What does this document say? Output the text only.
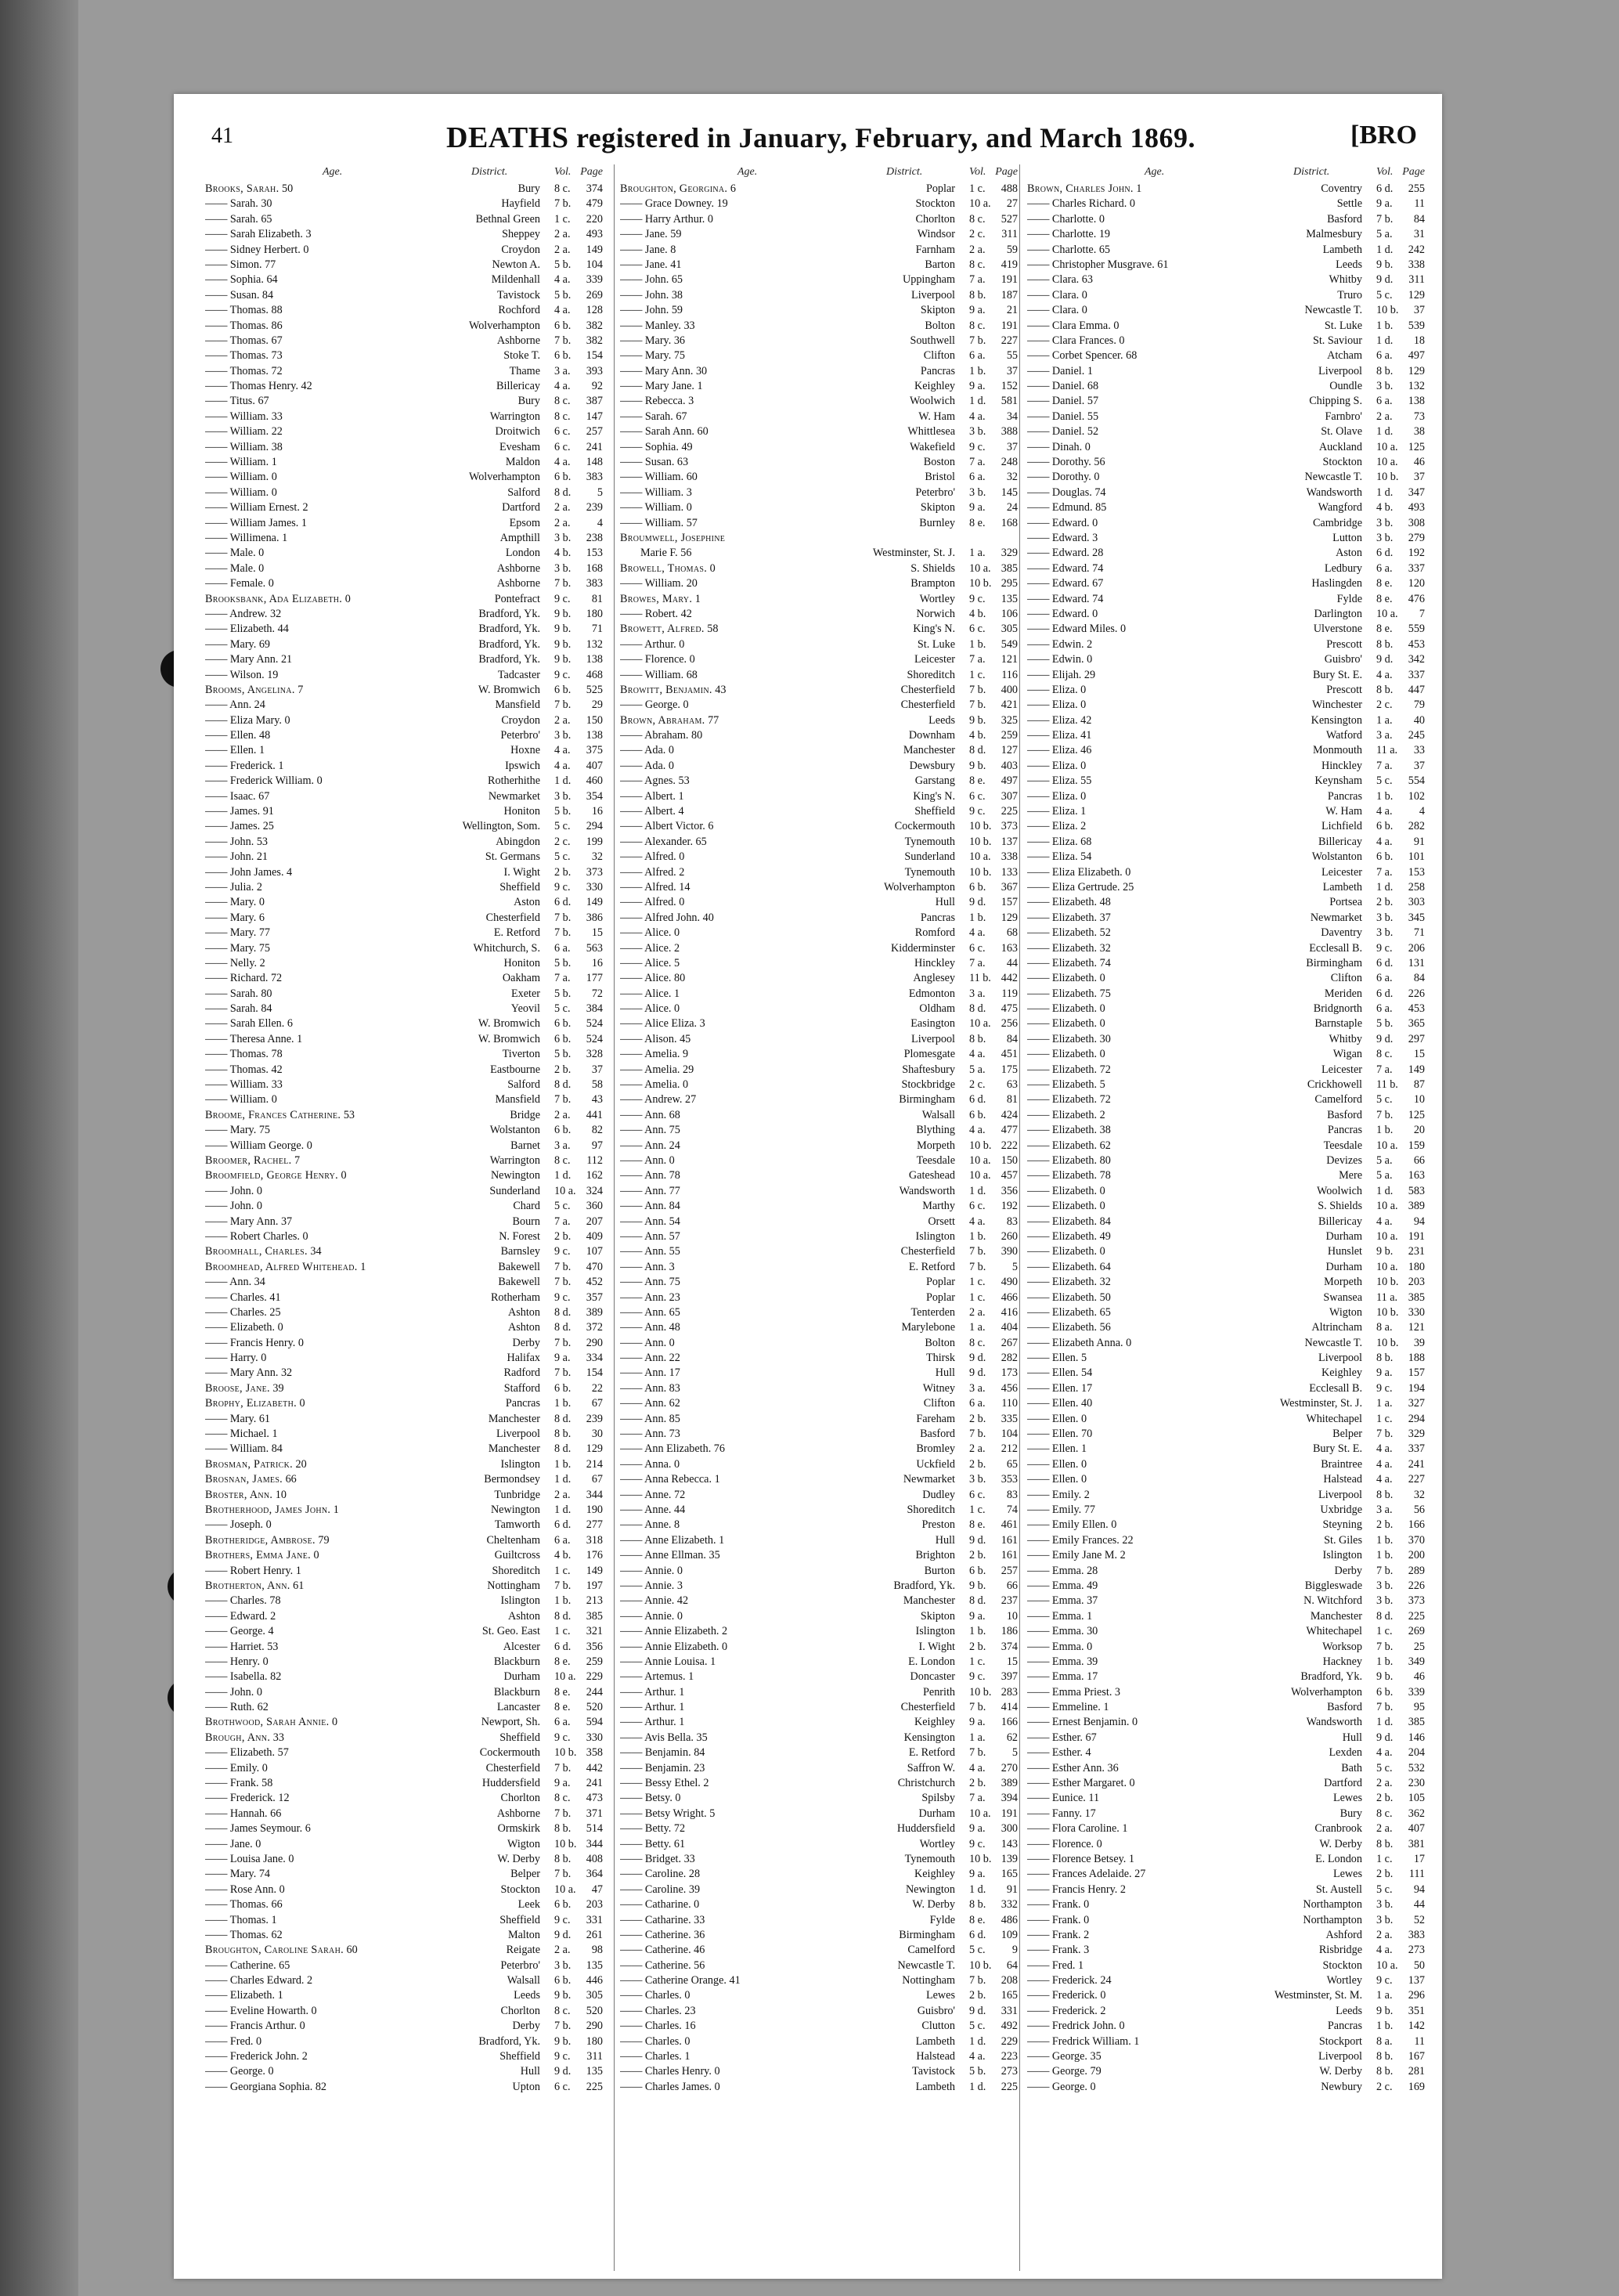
41	DEATHS registered in January, February, and March 1869.	[BRO
Age.	District.	Vol. Page
Brooks, Sarah. 50	Bury 8 c. 374
—— Sarah. 30	Hayfield 7 b. 479
—— Sarah. 65	Bethnal Green 1 c. 220
—— Sarah Elizabeth. 3	Sheppey 2 a. 493
—— Sidney Herbert. 0	Croydon 2 a. 149
—— Simon. 77	Newton A. 5 b. 104
—— Sophia. 64	Mildenhall 4 a. 339
—— Susan. 84	Tavistock 5 b. 269
—— Thomas. 88	Rochford 4 a. 128
—— Thomas. 86	Wolverhampton 6 b. 382
—— Thomas. 67	Ashborne 7 b. 382
—— Thomas. 73	Stoke T. 6 b. 154
—— Thomas. 72	Thame 3 a. 393
—— Thomas Henry. 42	Billericay 4 a. 92
—— Titus. 67	Bury 8 c. 387
—— William. 33	Warrington 8 c. 147
—— William. 22	Droitwich 6 c. 257
—— William. 38	Evesham 6 c. 241
—— William. 1	Maldon 4 a. 148
—— William. 0	Wolverhampton 6 b. 383
—— William. 0	Salford 8 d. 5
—— William Ernest. 2	Dartford 2 a. 239
—— William James. 1	Epsom 2 a. 4
—— Willimena. 1	Ampthill 3 b. 238
—— Male. 0	London 4 b. 153
—— Male. 0	Ashborne 3 b. 168
—— Female. 0	Ashborne 7 b. 383
Brooksbank, Ada Elizabeth. 0	Pontefract 9 c. 81
—— Andrew. 32	Bradford, Yk. 9 b. 180
—— Elizabeth. 44	Bradford, Yk. 9 b. 71
—— Mary. 69	Bradford, Yk. 9 b. 132
—— Mary Ann. 21	Bradford, Yk. 9 b. 138
—— Wilson. 19	Tadcaster 9 c. 468
Brooms, Angelina. 7	W. Bromwich 6 b. 525
—— Ann. 24	Mansfield 7 b. 29
—— Eliza Mary. 0	Croydon 2 a. 150
—— Ellen. 48	Peterbro' 3 b. 138
—— Ellen. 1	Hoxne 4 a. 375
—— Frederick. 1	Ipswich 4 a. 407
—— Frederick William. 0	Rotherhithe 1 d. 460
—— Isaac. 67	Newmarket 3 b. 354
—— James. 91	Honiton 5 b. 16
—— James. 25	Wellington, Som. 5 c. 294
—— John. 53	Abingdon 2 c. 199
—— John. 21	St. Germans 5 c. 32
—— John James. 4	I. Wight 2 b. 373
—— Julia. 2	Sheffield 9 c. 330
—— Mary. 0	Aston 6 d. 149
—— Mary. 6	Chesterfield 7 b. 386
—— Mary. 77	E. Retford 7 b. 15
—— Mary. 75	Whitchurch, S. 6 a. 563
—— Nelly. 2	Honiton 5 b. 16
—— Richard. 72	Oakham 7 a. 177
—— Sarah. 80	Exeter 5 b. 72
—— Sarah. 84	Yeovil 5 c. 384
—— Sarah Ellen. 6	W. Bromwich 6 b. 524
—— Theresa Anne. 1	W. Bromwich 6 b. 524
—— Thomas. 78	Tiverton 5 b. 328
—— Thomas. 42	Eastbourne 2 b. 37
—— William. 33	Salford 8 d. 58
—— William. 0	Mansfield 7 b. 43
Broome, Frances Catherine. 53	Bridge 2 a. 441
—— Mary. 75	Wolstanton 6 b. 82
—— William George. 0	Barnet 3 a. 97
Broomer, Rachel. 7	Warrington 8 c. 112
Broomfield, George Henry. 0	Newington 1 d. 162
—— John. 0	Sunderland 10 a. 324
—— John. 0	Chard 5 c. 360
—— Mary Ann. 37	Bourn 7 a. 207
—— Robert Charles. 0	N. Forest 2 b. 409
Broomhall, Charles. 34	Barnsley 9 c. 107
Broomhead, Alfred Whitehead. 1	Bakewell 7 b. 470
—— Ann. 34	Bakewell 7 b. 452
—— Charles. 41	Rotherham 9 c. 357
—— Charles. 25	Ashton 8 d. 389
—— Elizabeth. 0	Ashton 8 d. 372
—— Francis Henry. 0	Derby 7 b. 290
—— Harry. 0	Halifax 9 a. 334
—— Mary Ann. 32	Radford 7 b. 154
Broose, Jane. 39	Stafford 6 b. 22
Brophy, Elizabeth. 0	Pancras 1 b. 67
—— Mary. 61	Manchester 8 d. 239
—— Michael. 1	Liverpool 8 b. 30
—— William. 84	Manchester 8 d. 129
Brosman, Patrick. 20	Islington 1 b. 214
Brosnan, James. 66	Bermondsey 1 d. 67
Broster, Ann. 10	Tunbridge 2 a. 344
Brotherhood, James John. 1	Newington 1 d. 190
—— Joseph. 0	Tamworth 6 d. 277
Brotheridge, Ambrose. 79	Cheltenham 6 a. 318
Brothers, Emma Jane. 0	Guiltcross 4 b. 176
—— Robert Henry. 1	Shoreditch 1 c. 149
Brotherton, Ann. 61	Nottingham 7 b. 197
—— Charles. 78	Islington 1 b. 213
—— Edward. 2	Ashton 8 d. 385
—— George. 4	St. Geo. East 1 c. 321
—— Harriet. 53	Alcester 6 d. 356
—— Henry. 0	Blackburn 8 e. 259
—— Isabella. 82	Durham 10 a. 229
—— John. 0	Blackburn 8 e. 244
—— Ruth. 62	Lancaster 8 e. 520
Brothwood, Sarah Annie. 0	Newport, Sh. 6 a. 594
Brough, Ann. 33	Sheffield 9 c. 330
—— Elizabeth. 57	Cockermouth 10 b. 358
—— Emily. 0	Chesterfield 7 b. 442
—— Frank. 58	Huddersfield 9 a. 241
—— Frederick. 12	Chorlton 8 c. 473
—— Hannah. 66	Ashborne 7 b. 371
—— James Seymour. 6	Ormskirk 8 b. 514
—— Jane. 0	Wigton 10 b. 344
—— Louisa Jane. 0	W. Derby 8 b. 408
—— Mary. 74	Belper 7 b. 364
—— Rose Ann. 0	Stockton 10 a. 47
—— Thomas. 66	Leek 6 b. 203
—— Thomas. 1	Sheffield 9 c. 331
—— Thomas. 62	Malton 9 d. 261
Broughton, Caroline Sarah. 60	Reigate 2 a. 98
—— Catherine. 65	Peterbro' 3 b. 135
—— Charles Edward. 2	Walsall 6 b. 446
—— Elizabeth. 1	Leeds 9 b. 305
—— Eveline Howarth. 0	Chorlton 8 c. 520
—— Francis Arthur. 0	Derby 7 b. 290
—— Fred. 0	Bradford, Yk. 9 b. 180
—— Frederick John. 2	Sheffield 9 c. 311
—— George. 0	Hull 9 d. 135
—— Georgiana Sophia. 82	Upton 6 c. 225
Age.	District.	Vol. Page
Broughton, Georgina. 6	Poplar 1 c. 488
—— Grace Downey. 19	Stockton 10 a. 27
—— Harry Arthur. 0	Chorlton 8 c. 527
—— Jane. 59	Windsor 2 c. 311
—— Jane. 8	Farnham 2 a. 59
—— Jane. 41	Barton 8 c. 419
—— John. 65	Uppingham 7 a. 191
—— John. 38	Liverpool 8 b. 187
—— John. 59	Skipton 9 a. 21
—— Manley. 33	Bolton 8 c. 191
—— Mary. 36	Southwell 7 b. 227
—— Mary. 75	Clifton 6 a. 55
—— Mary Ann. 30	Pancras 1 b. 37
—— Mary Jane. 1	Keighley 9 a. 152
—— Rebecca. 3	Woolwich 1 d. 581
—— Sarah. 67	W. Ham 4 a. 34
—— Sarah Ann. 60	Whittlesea 3 b. 388
—— Sophia. 49	Wakefield 9 c. 37
—— Susan. 63	Boston 7 a. 248
—— William. 60	Bristol 6 a. 32
—— William. 3	Peterbro' 3 b. 145
—— William. 0	Skipton 9 a. 24
—— William. 57	Burnley 8 e. 168
Broumwell, Josephine
Marie F. 56	Westminster, St. J. 1 a. 329
Browell, Thomas. 0	S. Shields 10 a. 385
—— William. 20	Brampton 10 b. 295
Browes, Mary. 1	Wortley 9 c. 135
—— Robert. 42	Norwich 4 b. 106
Browett, Alfred. 58	King's N. 6 c. 305
—— Arthur. 0	St. Luke 1 b. 549
—— Florence. 0	Leicester 7 a. 121
—— William. 68	Shoreditch 1 c. 116
Browitt, Benjamin. 43	Chesterfield 7 b. 400
—— George. 0	Chesterfield 7 b. 421
Brown, Abraham. 77	Leeds 9 b. 325
—— Abraham. 80	Downham 4 b. 259
—— Ada. 0	Manchester 8 d. 127
—— Ada. 0	Dewsbury 9 b. 403
—— Agnes. 53	Garstang 8 e. 497
—— Albert. 1	King's N. 6 c. 307
—— Albert. 4	Sheffield 9 c. 225
—— Albert Victor. 6	Cockermouth 10 b. 373
—— Alexander. 65	Tynemouth 10 b. 137
—— Alfred. 0	Sunderland 10 a. 338
—— Alfred. 2	Tynemouth 10 b. 133
—— Alfred. 14	Wolverhampton 6 b. 367
—— Alfred. 0	Hull 9 d. 157
—— Alfred John. 40	Pancras 1 b. 129
—— Alice. 0	Romford 4 a. 68
—— Alice. 2	Kidderminster 6 c. 163
—— Alice. 5	Hinckley 7 a. 44
—— Alice. 80	Anglesey 11 b. 442
—— Alice. 1	Edmonton 3 a. 119
—— Alice. 0	Oldham 8 d. 475
—— Alice Eliza. 3	Easington 10 a. 256
—— Alison. 45	Liverpool 8 b. 84
—— Amelia. 9	Plomesgate 4 a. 451
—— Amelia. 29	Shaftesbury 5 a. 175
—— Amelia. 0	Stockbridge 2 c. 63
—— Andrew. 27	Birmingham 6 d. 81
—— Ann. 68	Walsall 6 b. 424
—— Ann. 75	Blything 4 a. 477
—— Ann. 24	Morpeth 10 b. 222
—— Ann. 0	Teesdale 10 a. 150
—— Ann. 78	Gateshead 10 a. 457
—— Ann. 77	Wandsworth 1 d. 356
—— Ann. 84	Marthy 6 c. 192
—— Ann. 54	Orsett 4 a. 83
—— Ann. 57	Islington 1 b. 260
—— Ann. 55	Chesterfield 7 b. 390
—— Ann. 3	E. Retford 7 b. 5
—— Ann. 75	Poplar 1 c. 490
—— Ann. 23	Poplar 1 c. 466
—— Ann. 65	Tenterden 2 a. 416
—— Ann. 48	Marylebone 1 a. 404
—— Ann. 0	Bolton 8 c. 267
—— Ann. 22	Thirsk 9 d. 282
—— Ann. 17	Hull 9 d. 173
—— Ann. 83	Witney 3 a. 456
—— Ann. 62	Clifton 6 a. 110
—— Ann. 85	Fareham 2 b. 335
—— Ann. 73	Basford 7 b. 104
—— Ann Elizabeth. 76	Bromley 2 a. 212
—— Anna. 0	Uckfield 2 b. 65
—— Anna Rebecca. 1	Newmarket 3 b. 353
—— Anne. 72	Dudley 6 c. 83
—— Anne. 44	Shoreditch 1 c. 74
—— Anne. 8	Preston 8 e. 461
—— Anne Elizabeth. 1	Hull 9 d. 161
—— Anne Ellman. 35	Brighton 2 b. 161
—— Annie. 0	Burton 6 b. 257
—— Annie. 3	Bradford, Yk. 9 b. 66
—— Annie. 42	Manchester 8 d. 237
—— Annie. 0	Skipton 9 a. 10
—— Annie Elizabeth. 2	Islington 1 b. 186
—— Annie Elizabeth. 0	I. Wight 2 b. 374
—— Annie Louisa. 1	E. London 1 c. 15
—— Artemus. 1	Doncaster 9 c. 397
—— Arthur. 1	Penrith 10 b. 283
—— Arthur. 1	Chesterfield 7 b. 414
—— Arthur. 1	Keighley 9 a. 166
—— Avis Bella. 35	Kensington 1 a. 62
—— Benjamin. 84	E. Retford 7 b. 5
—— Benjamin. 23	Saffron W. 4 a. 270
—— Bessy Ethel. 2	Christchurch 2 b. 389
—— Betsy. 0	Spilsby 7 a. 394
—— Betsy Wright. 5	Durham 10 a. 191
—— Betty. 72	Huddersfield 9 a. 300
—— Betty. 61	Wortley 9 c. 143
—— Bridget. 33	Tynemouth 10 b. 139
—— Caroline. 28	Keighley 9 a. 165
—— Caroline. 39	Newington 1 d. 91
—— Catharine. 0	W. Derby 8 b. 332
—— Catharine. 33	Fylde 8 e. 486
—— Catherine. 36	Birmingham 6 d. 109
—— Catherine. 46	Camelford 5 c. 9
—— Catherine. 56	Newcastle T. 10 b. 64
—— Catherine Orange. 41	Nottingham 7 b. 208
—— Charles. 0	Lewes 2 b. 165
—— Charles. 23	Guisbro' 9 d. 331
—— Charles. 16	Clutton 5 c. 492
—— Charles. 0	Lambeth 1 d. 229
—— Charles. 1	Halstead 4 a. 223
—— Charles Henry. 0	Tavistock 5 b. 273
—— Charles James. 0	Lambeth 1 d. 225
Age.	District.	Vol. Page
Brown, Charles John. 1	Coventry 6 d. 255
—— Charles Richard. 0	Settle 9 a. 11
—— Charlotte. 0	Basford 7 b. 84
—— Charlotte. 19	Malmesbury 5 a. 31
—— Charlotte. 65	Lambeth 1 d. 242
—— Christopher Musgrave. 61	Leeds 9 b. 338
—— Clara. 63	Whitby 9 d. 311
—— Clara. 0	Truro 5 c. 129
—— Clara. 0	Newcastle T. 10 b. 37
—— Clara Emma. 0	St. Luke 1 b. 539
—— Clara Frances. 0	St. Saviour 1 d. 18
—— Corbet Spencer. 68	Atcham 6 a. 497
—— Daniel. 1	Liverpool 8 b. 129
—— Daniel. 68	Oundle 3 b. 132
—— Daniel. 57	Chipping S. 6 a. 138
—— Daniel. 55	Farnbro' 2 a. 73
—— Daniel. 52	St. Olave 1 d. 38
—— Dinah. 0	Auckland 10 a. 125
—— Dorothy. 56	Stockton 10 a. 46
—— Dorothy. 0	Newcastle T. 10 b. 37
—— Douglas. 74	Wandsworth 1 d. 347
—— Edmund. 85	Wangford 4 b. 493
—— Edward. 0	Cambridge 3 b. 308
—— Edward. 3	Lutton 3 b. 279
—— Edward. 28	Aston 6 d. 192
—— Edward. 74	Ledbury 6 a. 337
—— Edward. 67	Haslingden 8 e. 120
—— Edward. 74	Fylde 8 e. 476
—— Edward. 0	Darlington 10 a. 7
—— Edward Miles. 0	Ulverstone 8 e. 559
—— Edwin. 2	Prescott 8 b. 453
—— Edwin. 0	Guisbro' 9 d. 342
—— Elijah. 29	Bury St. E. 4 a. 337
—— Eliza. 0	Prescott 8 b. 447
—— Eliza. 0	Winchester 2 c. 79
—— Eliza. 42	Kensington 1 a. 40
—— Eliza. 41	Watford 3 a. 245
—— Eliza. 46	Monmouth 11 a. 33
—— Eliza. 0	Hinckley 7 a. 37
—— Eliza. 55	Keynsham 5 c. 554
—— Eliza. 0	Pancras 1 b. 102
—— Eliza. 1	W. Ham 4 a. 4
—— Eliza. 2	Lichfield 6 b. 282
—— Eliza. 68	Billericay 4 a. 91
—— Eliza. 54	Wolstanton 6 b. 101
—— Eliza Elizabeth. 0	Leicester 7 a. 153
—— Eliza Gertrude. 25	Lambeth 1 d. 258
—— Elizabeth. 48	Portsea 2 b. 303
—— Elizabeth. 37	Newmarket 3 b. 345
—— Elizabeth. 52	Daventry 3 b. 71
—— Elizabeth. 32	Ecclesall B. 9 c. 206
—— Elizabeth. 74	Birmingham 6 d. 131
—— Elizabeth. 0	Clifton 6 a. 84
—— Elizabeth. 75	Meriden 6 d. 226
—— Elizabeth. 0	Bridgnorth 6 a. 453
—— Elizabeth. 0	Barnstaple 5 b. 365
—— Elizabeth. 30	Whitby 9 d. 297
—— Elizabeth. 0	Wigan 8 c. 15
—— Elizabeth. 72	Leicester 7 a. 149
—— Elizabeth. 5	Crickhowell 11 b. 87
—— Elizabeth. 72	Camelford 5 c. 10
—— Elizabeth. 2	Basford 7 b. 125
—— Elizabeth. 38	Pancras 1 b. 20
—— Elizabeth. 62	Teesdale 10 a. 159
—— Elizabeth. 80	Devizes 5 a. 66
—— Elizabeth. 78	Mere 5 a. 163
—— Elizabeth. 0	Woolwich 1 d. 583
—— Elizabeth. 0	S. Shields 10 a. 389
—— Elizabeth. 84	Billericay 4 a. 94
—— Elizabeth. 49	Durham 10 a. 191
—— Elizabeth. 0	Hunslet 9 b. 231
—— Elizabeth. 64	Durham 10 a. 180
—— Elizabeth. 32	Morpeth 10 b. 203
—— Elizabeth. 50	Swansea 11 a. 385
—— Elizabeth. 65	Wigton 10 b. 330
—— Elizabeth. 56	Altrincham 8 a. 121
—— Elizabeth Anna. 0	Newcastle T. 10 b. 39
—— Ellen. 5	Liverpool 8 b. 188
—— Ellen. 54	Keighley 9 a. 157
—— Ellen. 17	Ecclesall B. 9 c. 194
—— Ellen. 40	Westminster, St. J. 1 a. 327
—— Ellen. 0	Whitechapel 1 c. 294
—— Ellen. 70	Belper 7 b. 329
—— Ellen. 1	Bury St. E. 4 a. 337
—— Ellen. 0	Braintree 4 a. 241
—— Ellen. 0	Halstead 4 a. 227
—— Emily. 2	Liverpool 8 b. 32
—— Emily. 77	Uxbridge 3 a. 56
—— Emily Ellen. 0	Steyning 2 b. 166
—— Emily Frances. 22	St. Giles 1 b. 370
—— Emily Jane M. 2	Islington 1 b. 200
—— Emma. 28	Derby 7 b. 289
—— Emma. 49	Biggleswade 3 b. 226
—— Emma. 37	N. Witchford 3 b. 373
—— Emma. 1	Manchester 8 d. 225
—— Emma. 30	Whitechapel 1 c. 269
—— Emma. 0	Worksop 7 b. 25
—— Emma. 39	Hackney 1 b. 349
—— Emma. 17	Bradford, Yk. 9 b. 46
—— Emma Priest. 3	Wolverhampton 6 b. 339
—— Emmeline. 1	Basford 7 b. 95
—— Ernest Benjamin. 0	Wandsworth 1 d. 385
—— Esther. 67	Hull 9 d. 146
—— Esther. 4	Lexden 4 a. 204
—— Esther Ann. 36	Bath 5 c. 532
—— Esther Margaret. 0	Dartford 2 a. 230
—— Eunice. 11	Lewes 2 b. 105
—— Fanny. 17	Bury 8 c. 362
—— Flora Caroline. 1	Cranbrook 2 a. 407
—— Florence. 0	W. Derby 8 b. 381
—— Florence Betsey. 1	E. London 1 c. 17
—— Frances Adelaide. 27	Lewes 2 b. 111
—— Francis Henry. 2	St. Austell 5 c. 94
—— Frank. 0	Northampton 3 b. 44
—— Frank. 0	Northampton 3 b. 52
—— Frank. 2	Ashford 2 a. 383
—— Frank. 3	Risbridge 4 a. 273
—— Fred. 1	Stockton 10 a. 50
—— Frederick. 24	Wortley 9 c. 137
—— Frederick. 0	Westminster, St. M. 1 a. 296
—— Frederick. 2	Leeds 9 b. 351
—— Fredrick John. 0	Pancras 1 b. 142
—— Fredrick William. 1	Stockport 8 a. 11
—— George. 35	Liverpool 8 b. 167
—— George. 79	W. Derby 8 b. 281
—— George. 0	Newbury 2 c. 169
